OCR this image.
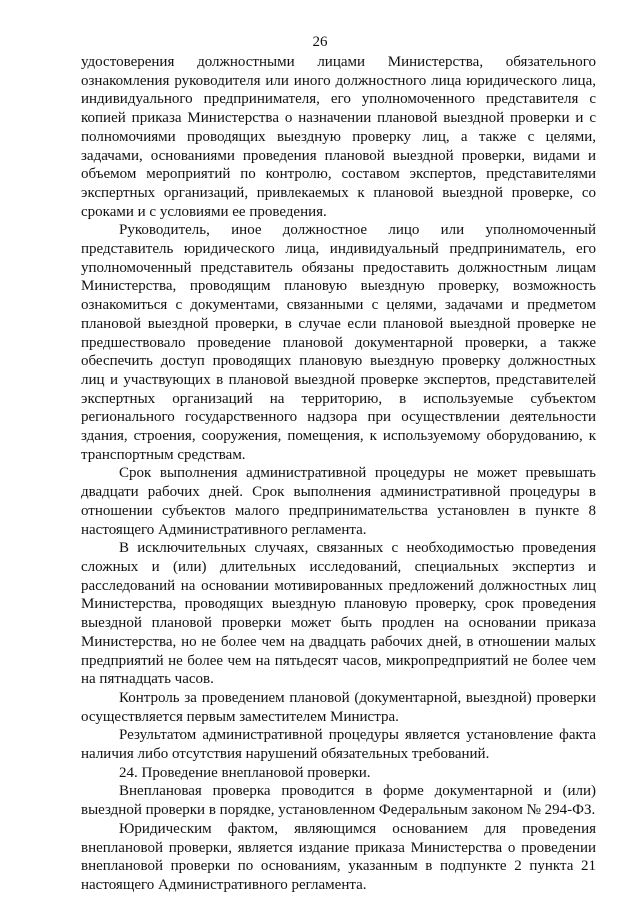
26

удостоверения должностными лицами Министерства, обязательного ознакомления руководителя или иного должностного лица юридического лица, индивидуального предпринимателя, его уполномоченного представителя с копией приказа Министерства о назначении плановой выездной проверки и с полномочиями проводящих выездную проверку лиц, а также с целями, задачами, основаниями проведения плановой выездной проверки, видами и объемом мероприятий по контролю, составом экспертов, представителями экспертных организаций, привлекаемых к плановой выездной проверке, со сроками и с условиями ее проведения.

Руководитель, иное должностное лицо или уполномоченный представитель юридического лица, индивидуальный предприниматель, его уполномоченный представитель обязаны предоставить должностным лицам Министерства, проводящим плановую выездную проверку, возможность ознакомиться с документами, связанными с целями, задачами и предметом плановой выездной проверки, в случае если плановой выездной проверке не предшествовало проведение плановой документарной проверки, а также обеспечить доступ проводящих плановую выездную проверку должностных лиц и участвующих в плановой выездной проверке экспертов, представителей экспертных организаций на территорию, в используемые субъектом регионального государственного надзора при осуществлении деятельности здания, строения, сооружения, помещения, к используемому оборудованию, к транспортным средствам.

Срок выполнения административной процедуры не может превышать двадцати рабочих дней. Срок выполнения административной процедуры в отношении субъектов малого предпринимательства установлен в пункте 8 настоящего Административного регламента.

В исключительных случаях, связанных с необходимостью проведения сложных и (или) длительных исследований, специальных экспертиз и расследований на основании мотивированных предложений должностных лиц Министерства, проводящих выездную плановую проверку, срок проведения выездной плановой проверки может быть продлен на основании приказа Министерства, но не более чем на двадцать рабочих дней, в отношении малых предприятий не более чем на пятьдесят часов, микропредприятий не более чем на пятнадцать часов.

Контроль за проведением плановой (документарной, выездной) проверки осуществляется первым заместителем Министра.

Результатом административной процедуры является установление факта наличия либо отсутствия нарушений обязательных требований.

24. Проведение внеплановой проверки.

Внеплановая проверка проводится в форме документарной и (или) выездной проверки в порядке, установленном Федеральным законом № 294-ФЗ.

Юридическим фактом, являющимся основанием для проведения внеплановой проверки, является издание приказа Министерства о проведении внеплановой проверки по основаниям, указанным в подпункте 2 пункта 21 настоящего Административного регламента.
